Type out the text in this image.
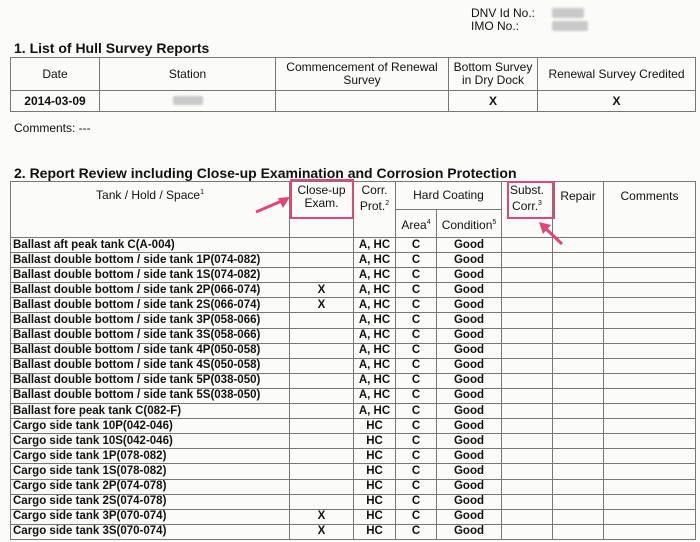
DNV Id No.:
IMO No.:
1. List of Hull Survey Reports
Date	Station	Commencement of Renewal Survey	Bottom Survey in Dry Dock	Renewal Survey Credited
2014-03-09			X	X
Comments: ---
2. Report Review including Close-up Examination and Corrosion Protection
Tank / Hold / Space$^1$	Close-up Exam.	Corr. Prot.$^2$	Hard Coating		Subst. Corr.$^3$	Repair	Comments
			Area$^4$	Condition$^5$
Ballast aft peak tank C(A-004)		A, HC	C	Good			
Ballast double bottom / side tank 1P(074-082)		A, HC	C	Good			
Ballast double bottom / side tank 1S(074-082)		A, HC	C	Good			
Ballast double bottom / side tank 2P(066-074)	X	A, HC	C	Good			
Ballast double bottom / side tank 2S(066-074)	X	A, HC	C	Good			
Ballast double bottom / side tank 3P(058-066)		A, HC	C	Good			
Ballast double bottom / side tank 3S(058-066)		A, HC	C	Good			
Ballast double bottom / side tank 4P(050-058)		A, HC	C	Good			
Ballast double bottom / side tank 4S(050-058)		A, HC	C	Good			
Ballast double bottom / side tank 5P(038-050)		A, HC	C	Good			
Ballast double bottom / side tank 5S(038-050)		A, HC	C	Good			
Ballast fore peak tank C(082-F)		A, HC	C	Good			
Cargo side tank 10P(042-046)		HC	C	Good			
Cargo side tank 10S(042-046)		HC	C	Good			
Cargo side tank 1P(078-082)		HC	C	Good			
Cargo side tank 1S(078-082)		HC	C	Good			
Cargo side tank 2P(074-078)		HC	C	Good			
Cargo side tank 2S(074-078)		HC	C	Good			
Cargo side tank 3P(070-074)	X	HC	C	Good			
Cargo side tank 3S(070-074)	X	HC	C	Good			
